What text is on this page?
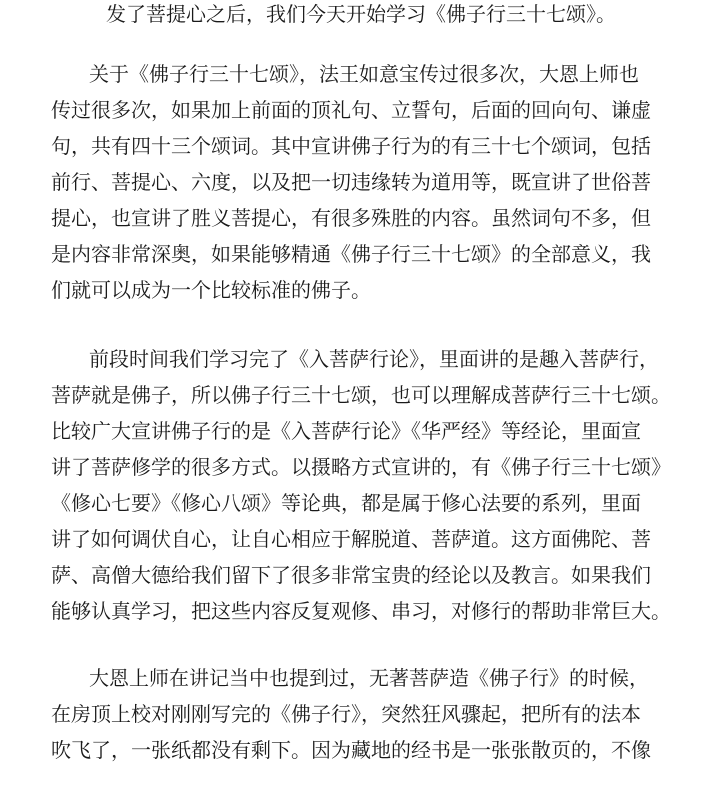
发了菩提心之后，我们今天开始学习《佛子行三十七颂》。
关于《佛子行三十七颂》，法王如意宝传过很多次，大恩上师也
传过很多次，如果加上前面的顶礼句、立誓句，后面的回向句、谦虚
句，共有四十三个颂词。其中宣讲佛子行为的有三十七个颂词，包括
前行、菩提心、六度，以及把一切违缘转为道用等，既宣讲了世俗菩
提心，也宣讲了胜义菩提心，有很多殊胜的内容。虽然词句不多，但
是内容非常深奥，如果能够精通《佛子行三十七颂》的全部意义，我
们就可以成为一个比较标准的佛子。
前段时间我们学习完了《入菩萨行论》，里面讲的是趣入菩萨行，
菩萨就是佛子，所以佛子行三十七颂，也可以理解成菩萨行三十七颂。
比较广大宣讲佛子行的是《入菩萨行论》《华严经》等经论，里面宣
讲了菩萨修学的很多方式。以摄略方式宣讲的，有《佛子行三十七颂》
《修心七要》《修心八颂》等论典，都是属于修心法要的系列，里面
讲了如何调伏自心，让自心相应于解脱道、菩萨道。这方面佛陀、菩
萨、高僧大德给我们留下了很多非常宝贵的经论以及教言。如果我们
能够认真学习，把这些内容反复观修、串习，对修行的帮助非常巨大。
大恩上师在讲记当中也提到过，无著菩萨造《佛子行》的时候，
在房顶上校对刚刚写完的《佛子行》，突然狂风骤起，把所有的法本
吹飞了，一张纸都没有剩下。因为藏地的经书是一张张散页的，不像
